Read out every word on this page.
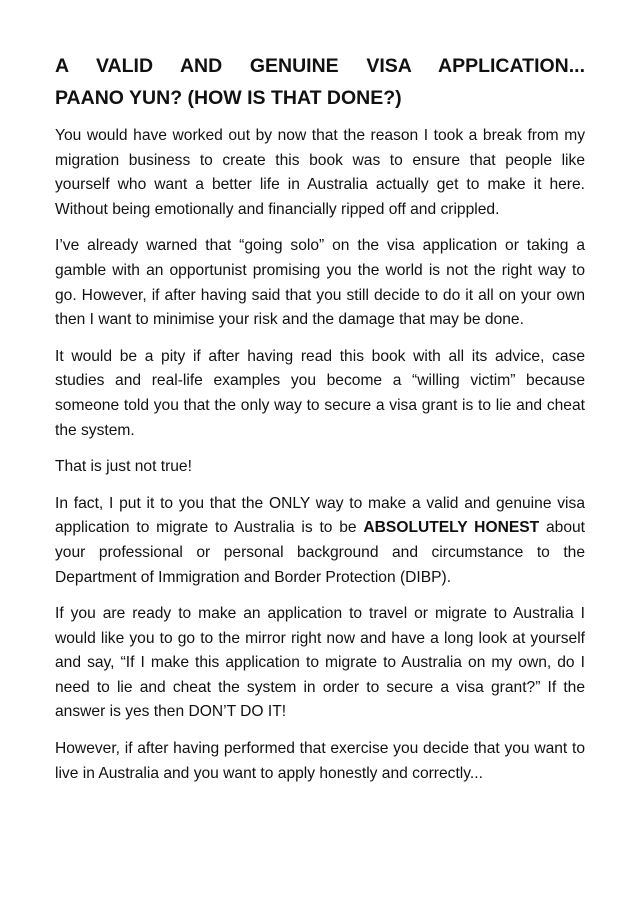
A VALID AND GENUINE VISA APPLICATION...
PAANO YUN? (HOW IS THAT DONE?)

You would have worked out by now that the reason I took a break from my migration business to create this book was to ensure that people like yourself who want a better life in Australia actually get to make it here. Without being emotionally and financially ripped off and crippled.

I’ve already warned that “going solo” on the visa application or taking a gamble with an opportunist promising you the world is not the right way to go. However, if after having said that you still decide to do it all on your own then I want to minimise your risk and the damage that may be done.

It would be a pity if after having read this book with all its advice, case studies and real-life examples you become a “willing victim” because someone told you that the only way to secure a visa grant is to lie and cheat the system.

That is just not true!

In fact, I put it to you that the ONLY way to make a valid and genuine visa application to migrate to Australia is to be ABSOLUTELY HONEST about your professional or personal background and circumstance to the Department of Immigration and Border Protection (DIBP).

If you are ready to make an application to travel or migrate to Australia I would like you to go to the mirror right now and have a long look at yourself and say, “If I make this application to migrate to Australia on my own, do I need to lie and cheat the system in order to secure a visa grant?” If the answer is yes then DON’T DO IT!

However, if after having performed that exercise you decide that you want to live in Australia and you want to apply honestly and correctly...
